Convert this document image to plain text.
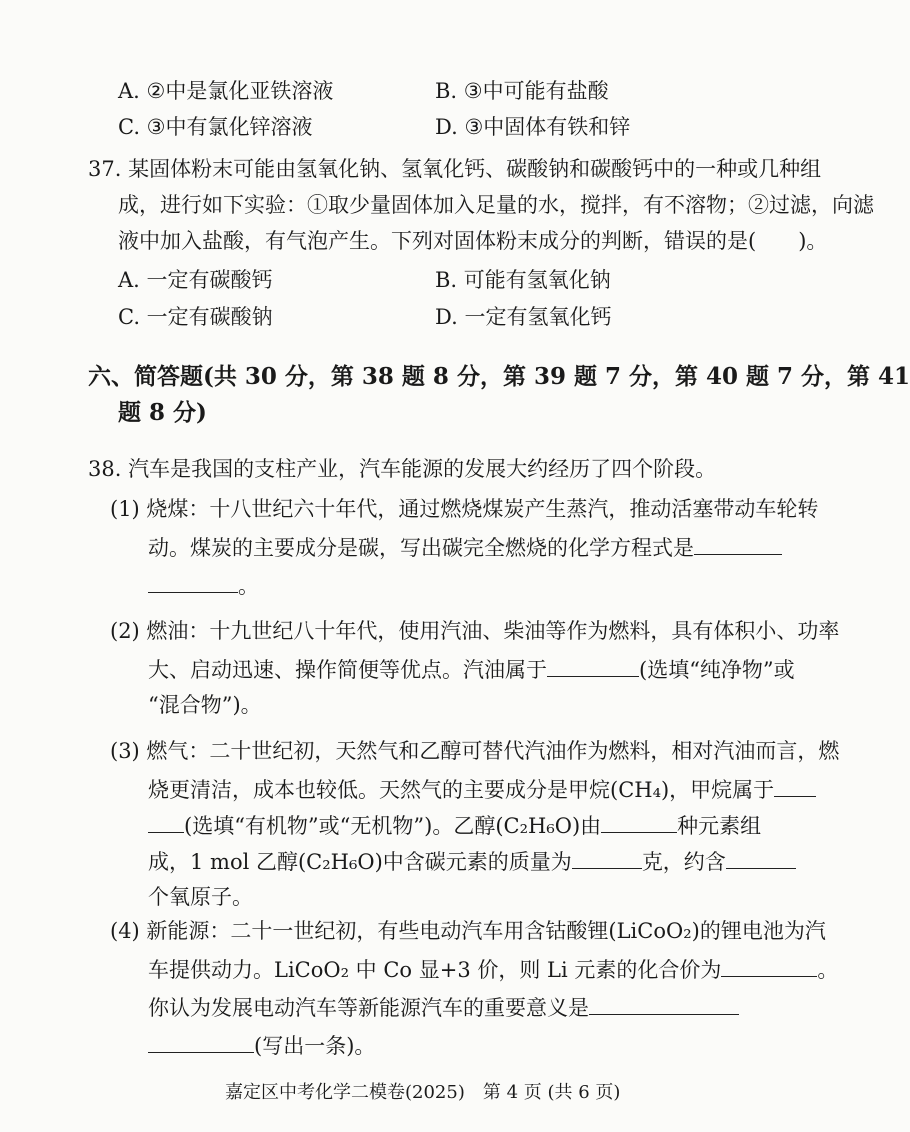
A. ②中是氯化亚铁溶液	B. ③中可能有盐酸
C. ③中有氯化锌溶液	D. ③中固体有铁和锌
37. 某固体粉末可能由氢氧化钠、氢氧化钙、碳酸钠和碳酸钙中的一种或几种组
成，进行如下实验：①取少量固体加入足量的水，搅拌，有不溶物；②过滤，向滤
液中加入盐酸，有气泡产生。下列对固体粉末成分的判断，错误的是(　　)。
A. 一定有碳酸钙	B. 可能有氢氧化钠
C. 一定有碳酸钠	D. 一定有氢氧化钙
六、简答题(共 30 分，第 38 题 8 分，第 39 题 7 分，第 40 题 7 分，第 41
题 8 分)
38. 汽车是我国的支柱产业，汽车能源的发展大约经历了四个阶段。
(1) 烧煤：十八世纪六十年代，通过燃烧煤炭产生蒸汽，推动活塞带动车轮转
动。煤炭的主要成分是碳，写出碳完全燃烧的化学方程式是
。
(2) 燃油：十九世纪八十年代，使用汽油、柴油等作为燃料，具有体积小、功率
大、启动迅速、操作简便等优点。汽油属于	(选填“纯净物”或
“混合物”)。
(3) 燃气：二十世纪初，天然气和乙醇可替代汽油作为燃料，相对汽油而言，燃
烧更清洁，成本也较低。天然气的主要成分是甲烷(CH₄)，甲烷属于
(选填“有机物”或“无机物”)。乙醇(C₂H₆O)由	种元素组
成，1 mol 乙醇(C₂H₆O)中含碳元素的质量为	克，约含
个氧原子。
(4) 新能源：二十一世纪初，有些电动汽车用含钴酸锂(LiCoO₂)的锂电池为汽
车提供动力。LiCoO₂ 中 Co 显+3 价，则 Li 元素的化合价为	。
你认为发展电动汽车等新能源汽车的重要意义是
(写出一条)。
嘉定区中考化学二模卷(2025)　第 4 页 (共 6 页)
